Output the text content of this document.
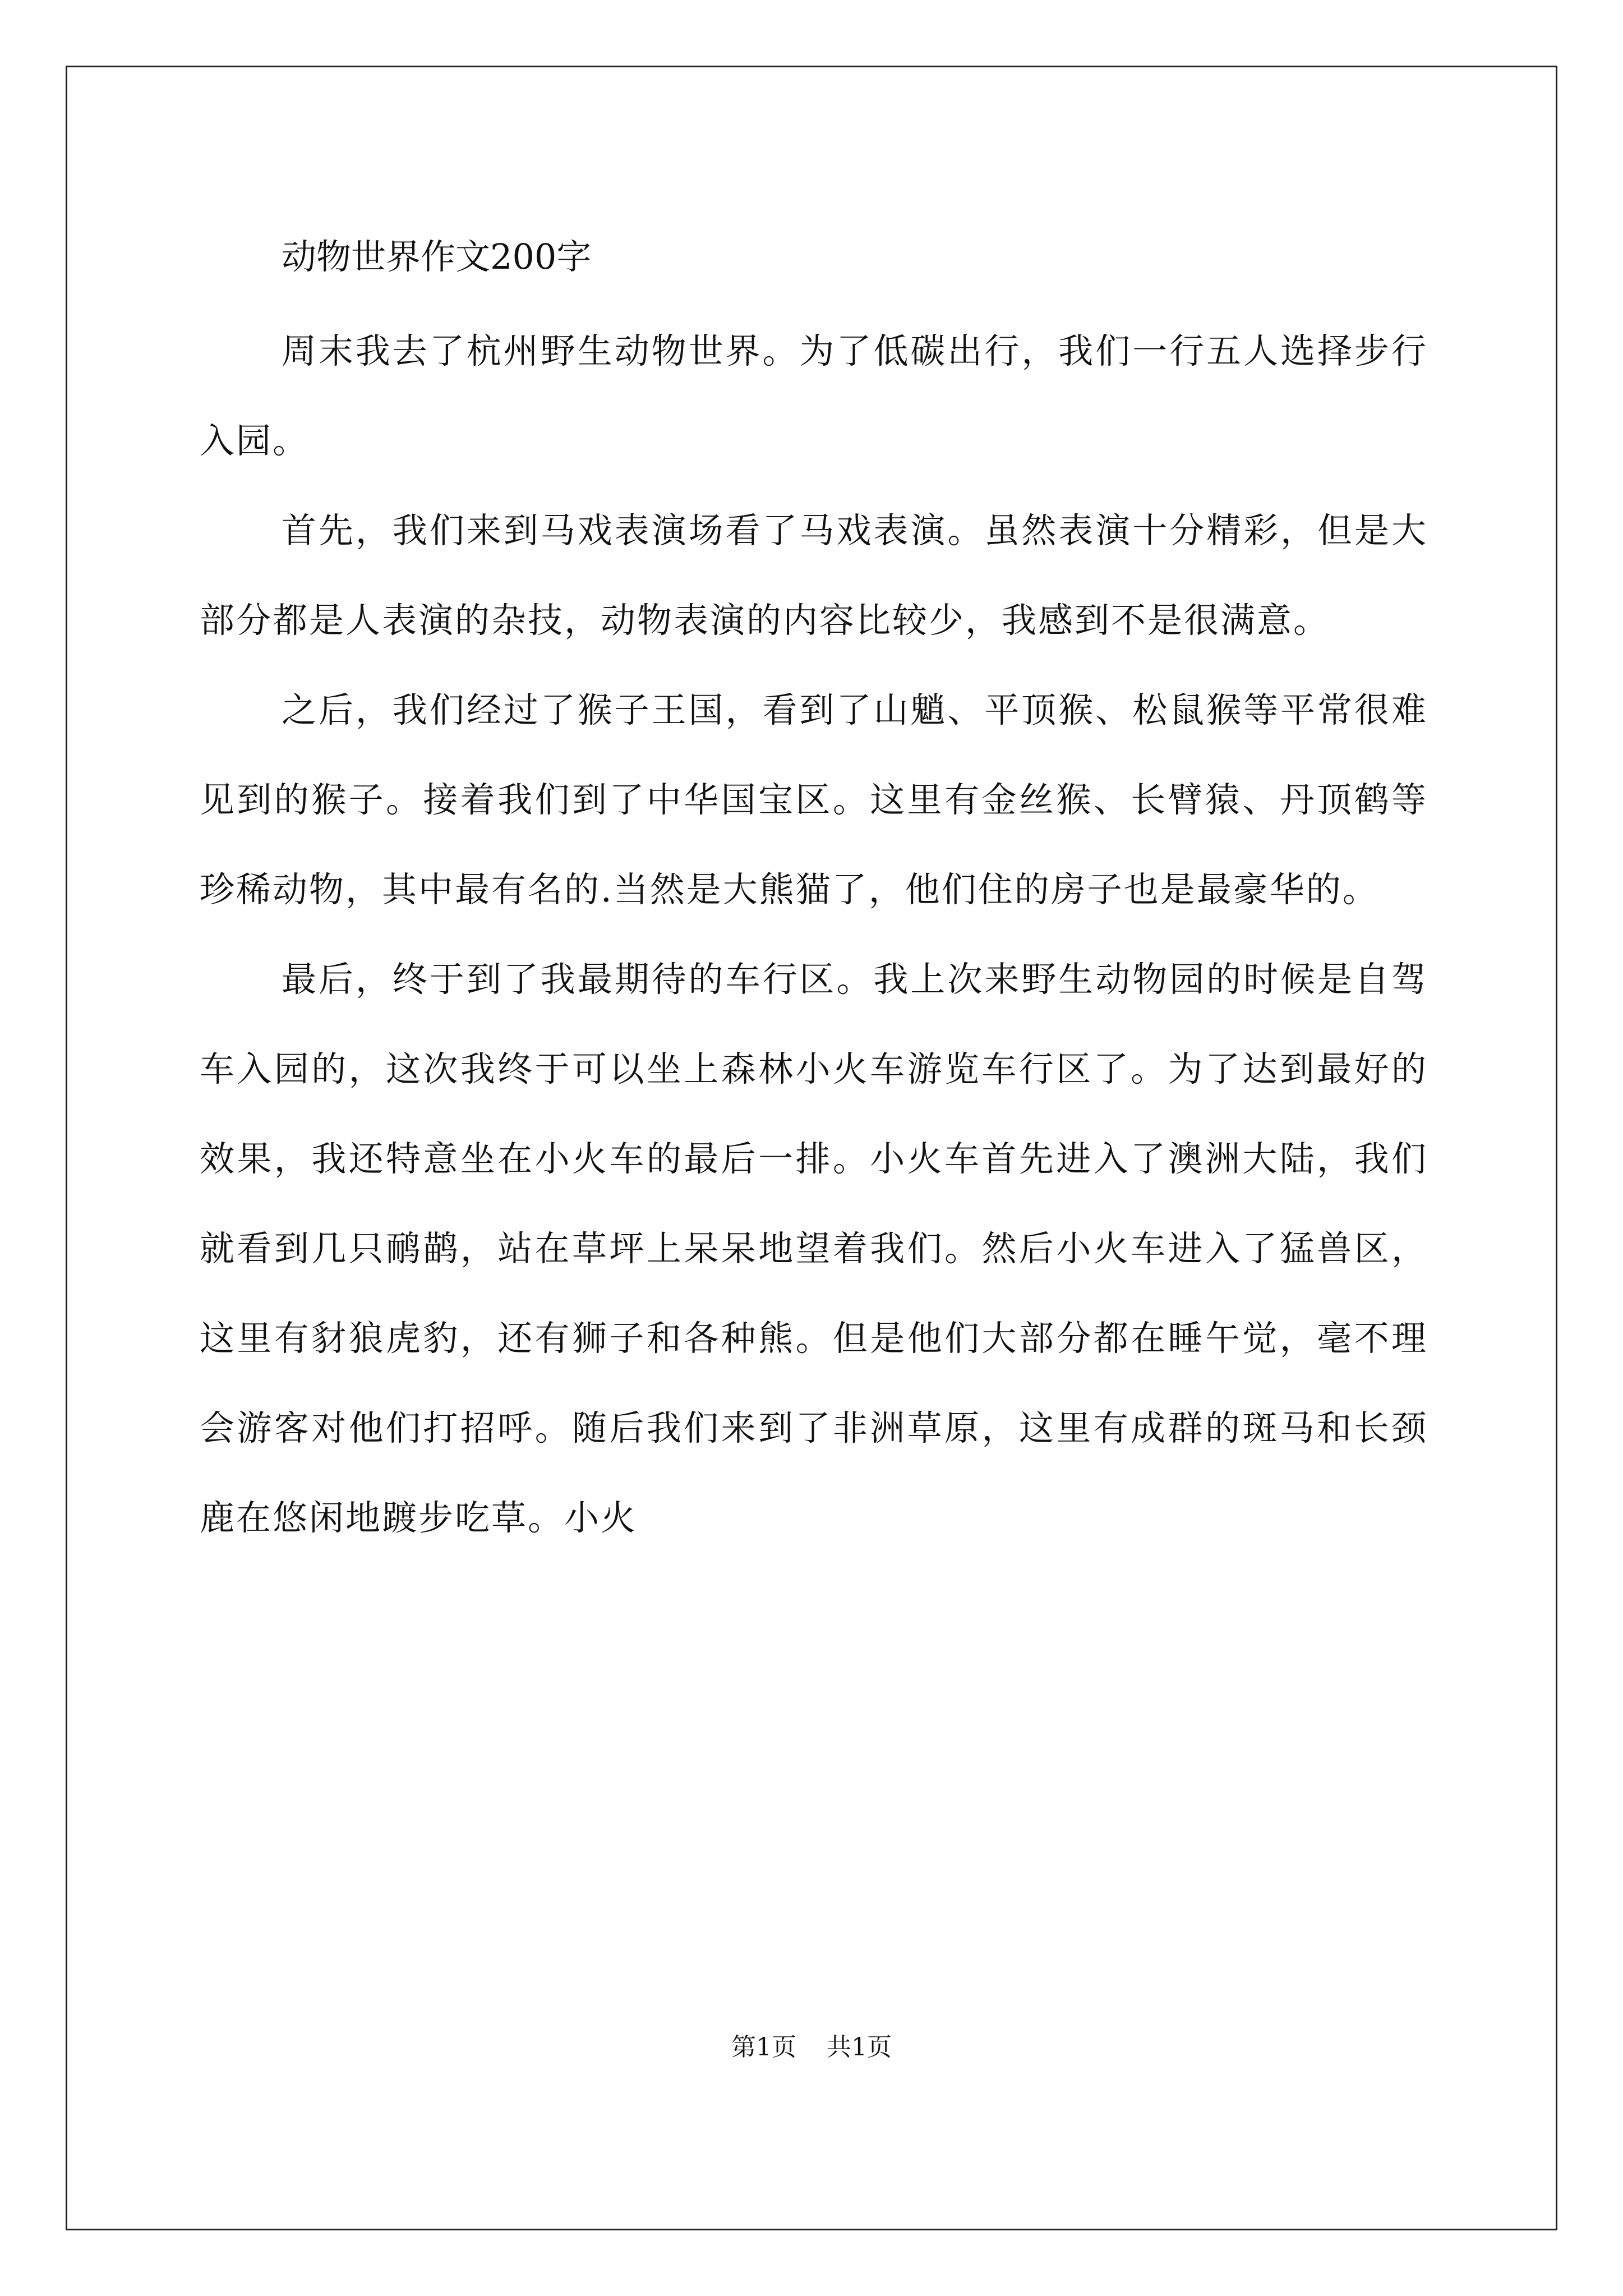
动物世界作文200字

周末我去了杭州野生动物世界。为了低碳出行，我们一行五人选择步行入园。

首先，我们来到马戏表演场看了马戏表演。虽然表演十分精彩，但是大部分都是人表演的杂技，动物表演的内容比较少，我感到不是很满意。

之后，我们经过了猴子王国，看到了山魈、平顶猴、松鼠猴等平常很难见到的猴子。接着我们到了中华国宝区。这里有金丝猴、长臂猿、丹顶鹤等珍稀动物，其中最有名的.当然是大熊猫了，他们住的房子也是最豪华的。

最后，终于到了我最期待的车行区。我上次来野生动物园的时候是自驾车入园的，这次我终于可以坐上森林小火车游览车行区了。为了达到最好的效果，我还特意坐在小火车的最后一排。小火车首先进入了澳洲大陆，我们就看到几只鸸鹋，站在草坪上呆呆地望着我们。然后小火车进入了猛兽区，这里有豺狼虎豹，还有狮子和各种熊。但是他们大部分都在睡午觉，毫不理会游客对他们打招呼。随后我们来到了非洲草原，这里有成群的斑马和长颈鹿在悠闲地踱步吃草。小火

第1页 共1页
